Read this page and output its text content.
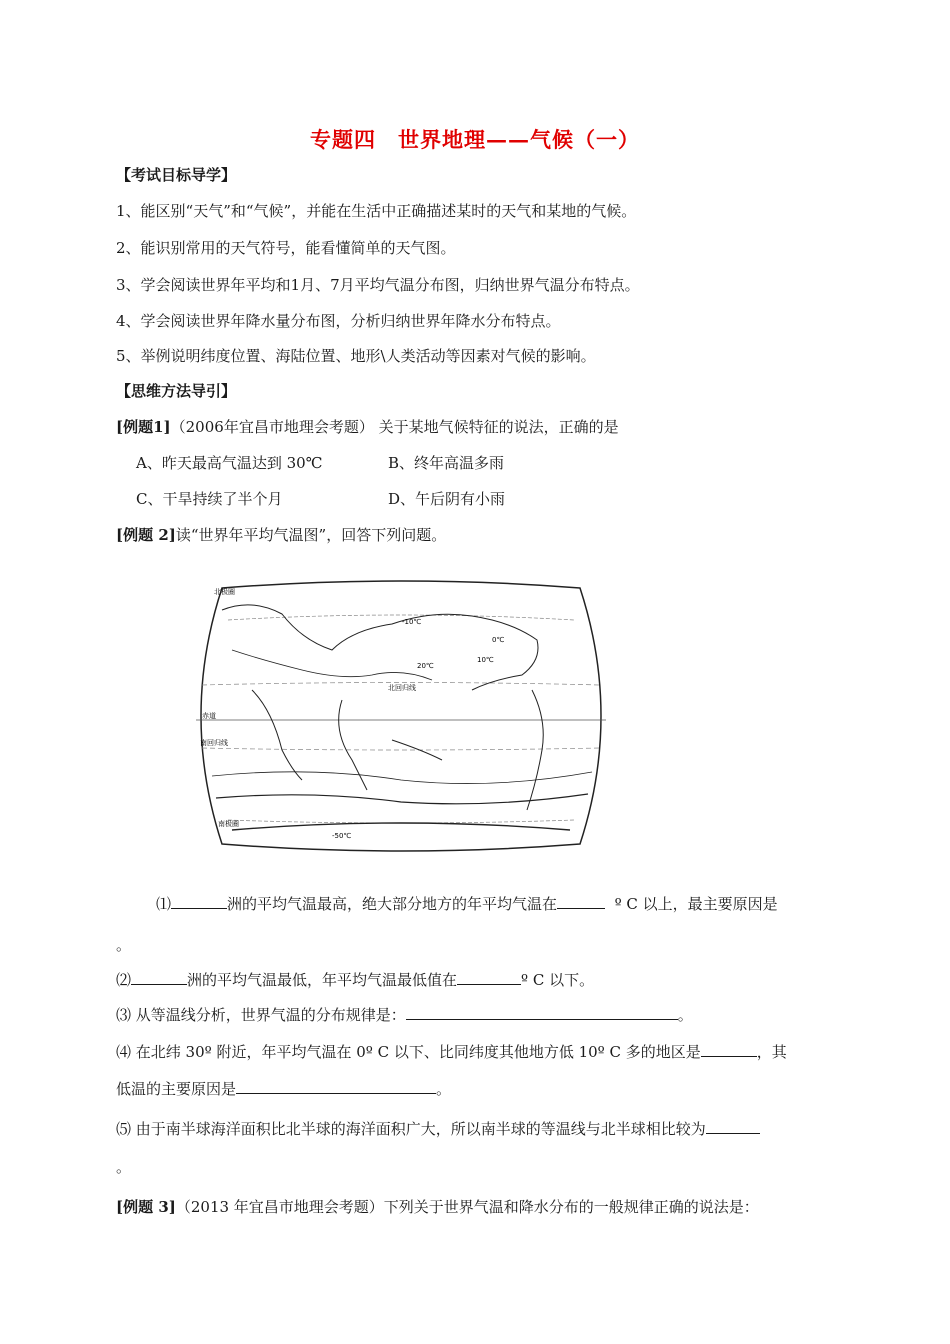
专题四　世界地理——气候（一）
【考试目标导学】
1、能区别“天气”和“气候”，并能在生活中正确描述某时的天气和某地的气候。
2、能识别常用的天气符号，能看懂简单的天气图。
3、学会阅读世界年平均和1月、7月平均气温分布图，归纳世界气温分布特点。
4、学会阅读世界年降水量分布图，分析归纳世界年降水分布特点。
5、举例说明纬度位置、海陆位置、地形\人类活动等因素对气候的影响。
【思维方法导引】
[例题1]（2006年宜昌市地理会考题） 关于某地气候特征的说法，正确的是
A、昨天最高气温达到 30℃	B、终年高温多雨
C、干旱持续了半个月	D、午后阴有小雨
[例题 2]读“世界年平均气温图”，回答下列问题。
北极圈
北回归线
赤道
南回归线
南极圈
-10℃
0℃
10℃
20℃
-50℃
⑴	洲的平均气温最高，绝大部分地方的年平均气温在	º C 以上，最主要原因是
。
⑵	洲的平均气温最低，年平均气温最低值在	º C 以下。
⑶ 从等温线分析，世界气温的分布规律是：	。
⑷ 在北纬 30º 附近，年平均气温在 0º C 以下、比同纬度其他地方低 10º C 多的地区是	，其
低温的主要原因是	。
⑸ 由于南半球海洋面积比北半球的海洋面积广大，所以南半球的等温线与北半球相比较为
。
[例题 3]（2013 年宜昌市地理会考题）下列关于世界气温和降水分布的一般规律正确的说法是：
